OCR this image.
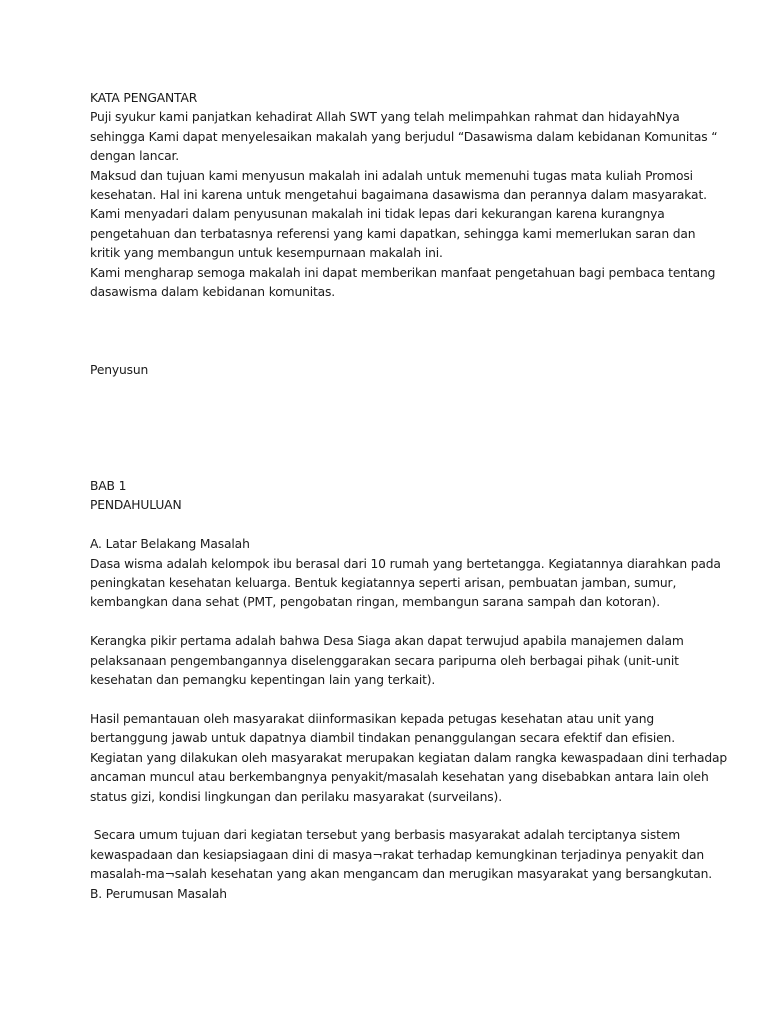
KATA PENGANTAR
Puji syukur kami panjatkan kehadirat Allah SWT yang telah melimpahkan rahmat dan hidayahNya
sehingga Kami dapat menyelesaikan makalah yang berjudul “Dasawisma dalam kebidanan Komunitas “
dengan lancar.
Maksud dan tujuan kami menyusun makalah ini adalah untuk memenuhi tugas mata kuliah Promosi
kesehatan. Hal ini karena untuk mengetahui bagaimana dasawisma dan perannya dalam masyarakat.
Kami menyadari dalam penyusunan makalah ini tidak lepas dari kekurangan karena kurangnya
pengetahuan dan terbatasnya referensi yang kami dapatkan, sehingga kami memerlukan saran dan
kritik yang membangun untuk kesempurnaan makalah ini.
Kami mengharap semoga makalah ini dapat memberikan manfaat pengetahuan bagi pembaca tentang
dasawisma dalam kebidanan komunitas.
Penyusun
BAB 1
PENDAHULUAN
A. Latar Belakang Masalah
Dasa wisma adalah kelompok ibu berasal dari 10 rumah yang bertetangga. Kegiatannya diarahkan pada
peningkatan kesehatan keluarga. Bentuk kegiatannya seperti arisan, pembuatan jamban, sumur,
kembangkan dana sehat (PMT, pengobatan ringan, membangun sarana sampah dan kotoran).
Kerangka pikir pertama adalah bahwa Desa Siaga akan dapat terwujud apabila manajemen dalam
pelaksanaan pengembangannya diselenggarakan secara paripurna oleh berbagai pihak (unit-unit
kesehatan dan pemangku kepentingan lain yang terkait).
Hasil pemantauan oleh masyarakat diinformasikan kepada petugas kesehatan atau unit yang
bertanggung jawab untuk dapatnya diambil tindakan penanggulangan secara efektif dan efisien.
Kegiatan yang dilakukan oleh masyarakat merupakan kegiatan dalam rangka kewaspadaan dini terhadap
ancaman muncul atau berkembangnya penyakit/masalah kesehatan yang disebabkan antara lain oleh
status gizi, kondisi lingkungan dan perilaku masyarakat (surveilans).
Secara umum tujuan dari kegiatan tersebut yang berbasis masyarakat adalah terciptanya sistem
kewaspadaan dan kesiapsiagaan dini di masya¬rakat terhadap kemungkinan terjadinya penyakit dan
masalah-ma¬salah kesehatan yang akan mengancam dan merugikan masyarakat yang bersangkutan.
B. Perumusan Masalah
